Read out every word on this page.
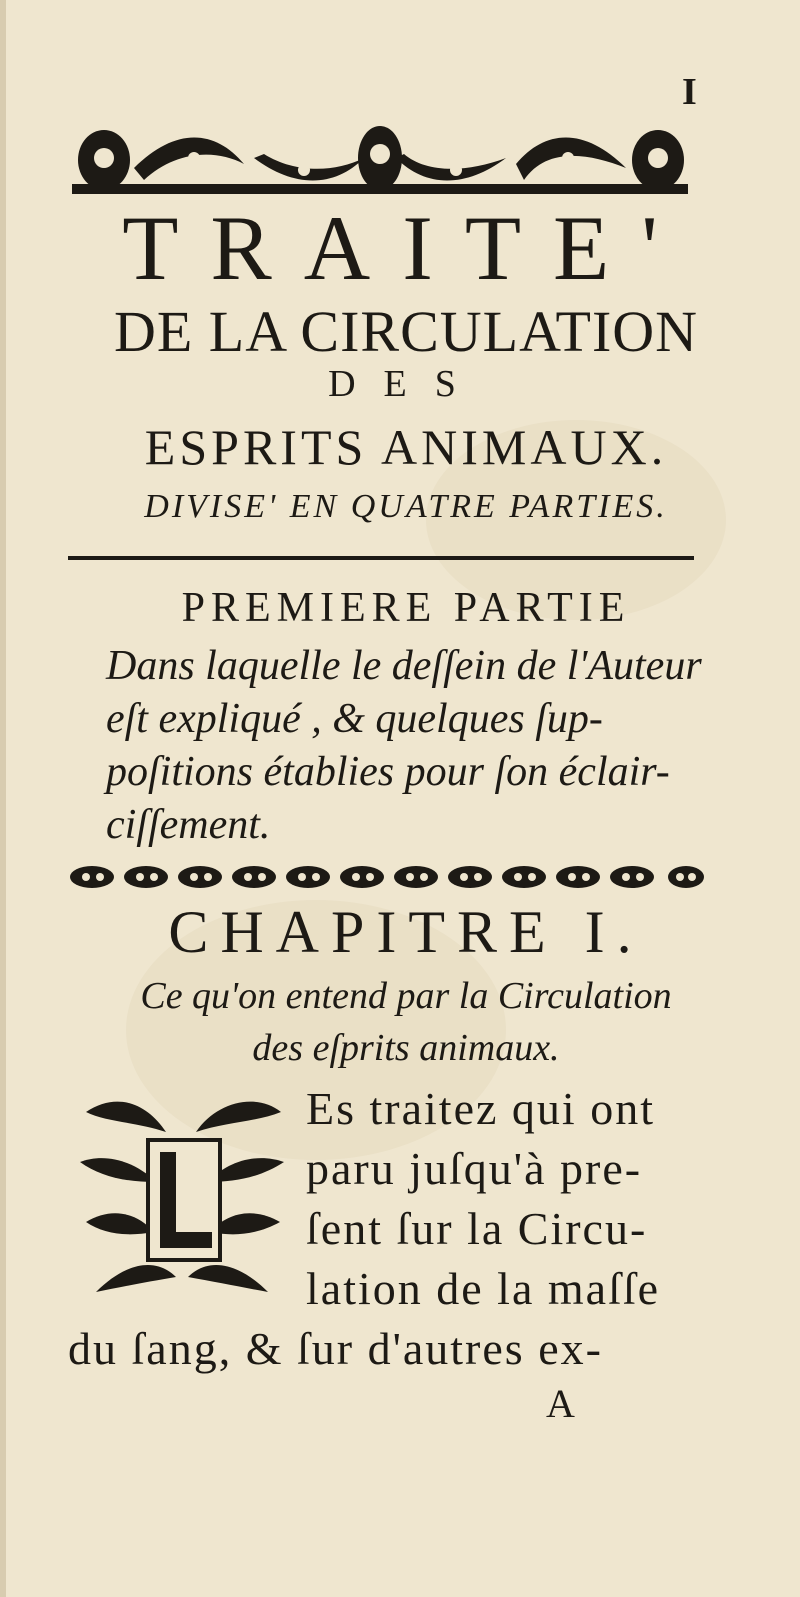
I
TRAITE'
DE LA CIRCULATION
DES
ESPRITS ANIMAUX.
DIVISE' EN QUATRE PARTIES.
PREMIERE PARTIE
Dans laquelle le deſſein de l'Auteur
eſt expliqué , & quelques ſup-
poſitions établies pour ſon éclair-
ciſſement.
CHAPITRE I.
Ce qu'on entend par la Circulation
des eſprits animaux.
Es traitez qui ont
paru juſqu'à pre-
ſent ſur la Circu-
lation de la maſſe
du ſang, & ſur d'autres ex-
A
